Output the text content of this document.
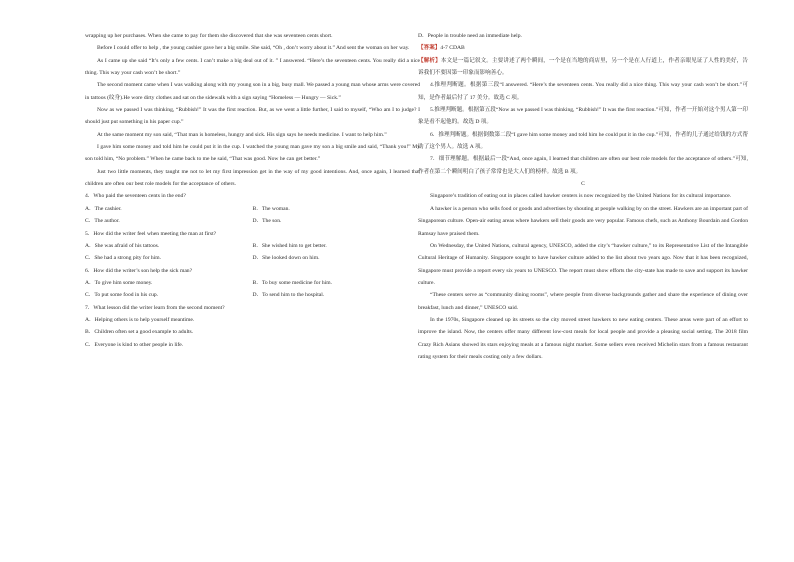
wrapping up her purchases. When she came to pay for them she discovered that she was seventeen cents short.

Before I could offer to help , the young cashier gave her a big smile. She said, “Oh , don’t worry about it.” And sent the woman on her way.

As I came up she said “It’s only a few cents. I can’t make a big deal out of it. ” I answered. “Here’s the seventeen cents. You really did a nice thing. This way your cash won’t be short.”

The second moment came when I was walking along with my young son in a big, busy mall. We passed a young man whose arms were covered in tattoos (纹身).He wore dirty clothes and sat on the sidewalk with a sign saying “Homeless — Hungry — Sick.”

Now as we passed I was thinking, “Rubbish!” It was the first reaction. But, as we went a little further, I said to myself, “Who am I to judge? I should just put something in his paper cup.”

At the same moment my son said, “That man is homeless, hungry and sick. His sign says he needs medicine. I want to help him.”

I gave him some money and told him he could put it in the cup. I watched the young man gave my son a big smile and said, “Thank you!” My son told him, “No problem.” When he came back to me he said, “That was good. Now he can get better.”

Just two little moments, they taught me not to let my first impression get in the way of my good intentions. And, once again, I learned that children are often our best role models for the acceptance of others.

4．Who paid the seventeen cents in the end?

A．The cashier.	B．The woman.
C．The author.	D．The son.

5．How did the writer feel when meeting the man at first?

A．She was afraid of his tattoos.	B．She wished him to get better.
C．She had a strong pity for him.	D．She looked down on him.

6．How did the writer’s son help the sick man?

A．To give him some money.	B．To buy some medicine for him.
C．To put some food in his cup.	D．To send him to the hospital.

7．What lesson did the writer learn from the second moment?

A．Helping others is to help yourself meantime.

B．Children often set a good example to adults.

C．Everyone is kind to other people in life.

D．People in trouble need an immediate help.

【答案】4-7 CDAB

【解析】本文是一篇记叙文。主要讲述了两个瞬间，一个是在当地的商店里，另一个是在人行道上，作者亲眼见证了人性的美好，告诉我们不要因第一印象而影响善心。

4.推理判断题。根据第三段“I answered. “Here’s the seventeen cents. You really did a nice thing. This way your cash won’t be short.”可知，是作者最后付了 17 美分。故选 C 项。

5.推理判断题。根据第五段“Now as we passed I was thinking, “Rubbish!” It was the first reaction.”可知，作者一开始对这个男人第一印象是看不起他的。故选 D 项。

6．推理判断题。根据倒数第二段“I gave him some money and told him he could put it in the cup.”可知，作者的儿子通过给钱的方式帮助了这个男人。故选 A 项。

7．细节理解题。根据最后一段“And, once again, I learned that children are often our best role models for the acceptance of others.”可知,作者在第二个瞬间明白了孩子常常也是大人们的榜样。故选 B 项。

C

Singapore’s tradition of eating out in places called hawker centers is now recognized by the United Nations for its cultural importance.

A hawker is a person who sells food or goods and advertises by shouting at people walking by on the street. Hawkers are an important part of Singaporean culture. Open-air eating areas where hawkers sell their goods are very popular. Famous chefs, such as Anthony Bourdain and Gordon Ramsay have praised them.

On Wednesday, the United Nations, cultural agency, UNESCO, added the city’s “hawker culture,” to its Representative List of the Intangible Cultural Heritage of Humanity. Singapore sought to have hawker culture added to the list about two years ago. Now that it has been recognized, Singapore must provide a report every six years to UNESCO. The report must show efforts the city-state has made to save and support its hawker culture.

“These centers serve as “community dining rooms”, where people from diverse backgrounds gather and share the experience of dining over breakfast, lunch and dinner,” UNESCO said.

In the 1970s, Singapore cleaned up its streets so the city moved street hawkers to new eating centers. These areas were part of an effort to improve the island. Now, the centers offer many different low-cost meals for local people and provide a pleasing social setting. The 2018 film Crazy Rich Asians showed its stars enjoying meals at a famous night market. Some sellers even received Michelin stars from a famous restaurant rating system for their meals costing only a few dollars.
